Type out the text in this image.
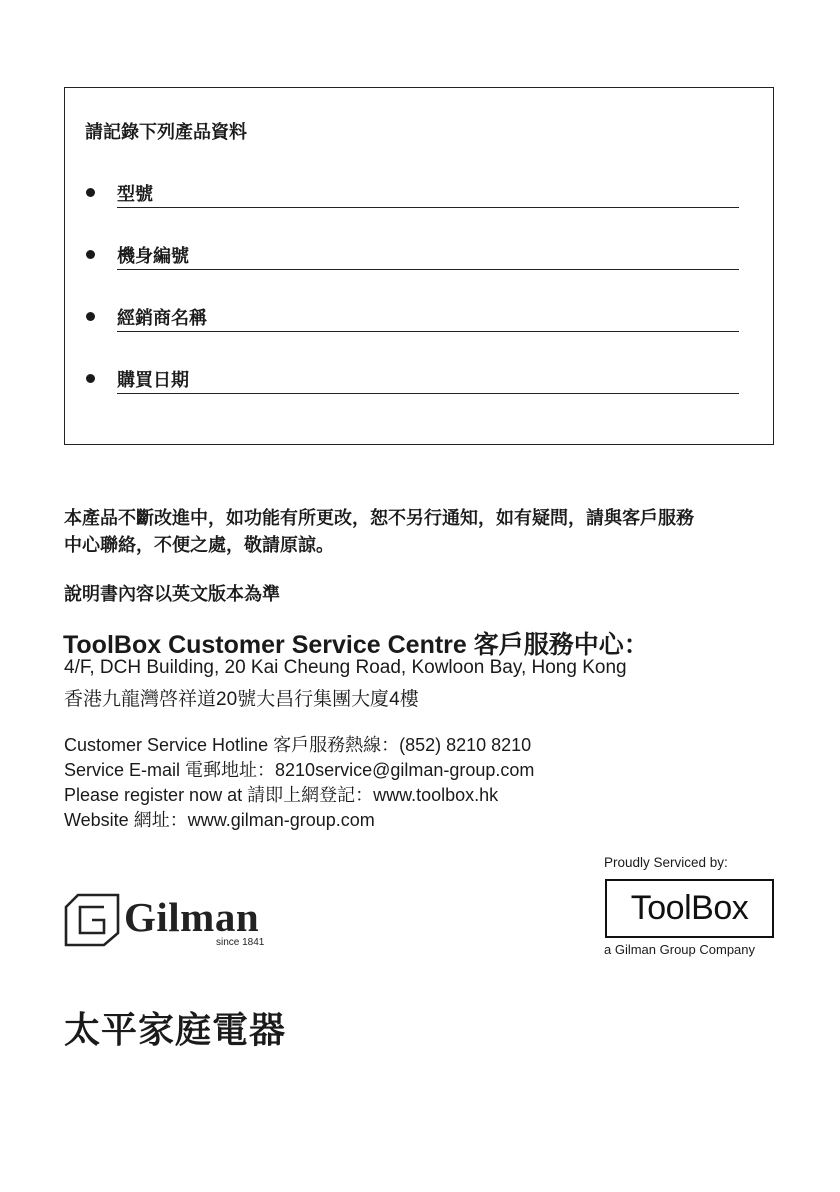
請記錄下列產品資料
型號
機身編號
經銷商名稱
購買日期
本產品不斷改進中，如功能有所更改，恕不另行通知，如有疑問，請與客戶服務
中心聯絡，不便之處，敬請原諒。
說明書內容以英文版本為準
ToolBox Customer Service Centre 客戶服務中心：
4/F, DCH Building, 20 Kai Cheung Road, Kowloon Bay, Hong Kong
香港九龍灣啓祥道20號大昌行集團大廈4樓
Customer Service Hotline 客戶服務熱線：(852) 8210 8210
Service E-mail 電郵地址：8210service@gilman-group.com
Please register now at 請即上網登記：www.toolbox.hk
Website 網址：www.gilman-group.com
Gilman
since 1841
Proudly Serviced by:
ToolBox
a Gilman Group Company
太平家庭電器
